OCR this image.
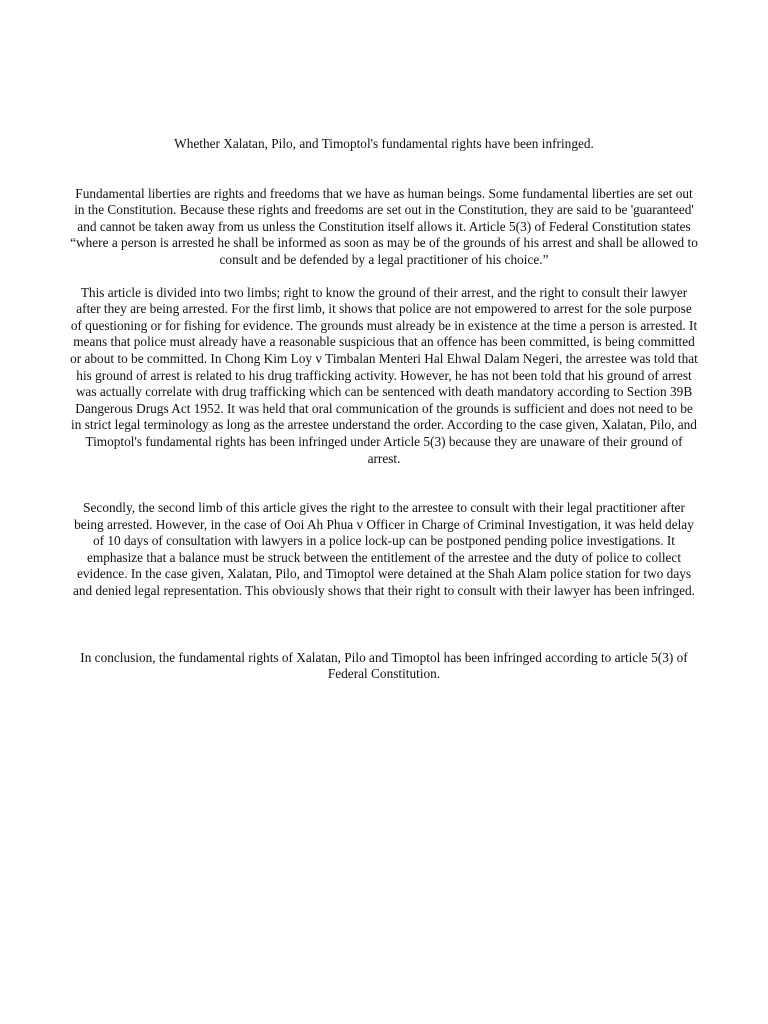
Whether Xalatan, Pilo, and Timoptol's fundamental rights have been infringed.

Fundamental liberties are rights and freedoms that we have as human beings. Some fundamental liberties are set out in the Constitution. Because these rights and freedoms are set out in the Constitution, they are said to be 'guaranteed' and cannot be taken away from us unless the Constitution itself allows it. Article 5(3) of Federal Constitution states “where a person is arrested he shall be informed as soon as may be of the grounds of his arrest and shall be allowed to consult and be defended by a legal practitioner of his choice.”

This article is divided into two limbs; right to know the ground of their arrest, and the right to consult their lawyer after they are being arrested. For the first limb, it shows that police are not empowered to arrest for the sole purpose of questioning or for fishing for evidence. The grounds must already be in existence at the time a person is arrested. It means that police must already have a reasonable suspicious that an offence has been committed, is being committed or about to be committed. In Chong Kim Loy v Timbalan Menteri Hal Ehwal Dalam Negeri, the arrestee was told that his ground of arrest is related to his drug trafficking activity. However, he has not been told that his ground of arrest was actually correlate with drug trafficking which can be sentenced with death mandatory according to Section 39B Dangerous Drugs Act 1952. It was held that oral communication of the grounds is sufficient and does not need to be in strict legal terminology as long as the arrestee understand the order. According to the case given, Xalatan, Pilo, and Timoptol's fundamental rights has been infringed under Article 5(3) because they are unaware of their ground of arrest.

Secondly, the second limb of this article gives the right to the arrestee to consult with their legal practitioner after being arrested. However, in the case of Ooi Ah Phua v Officer in Charge of Criminal Investigation, it was held delay of 10 days of consultation with lawyers in a police lock-up can be postponed pending police investigations. It emphasize that a balance must be struck between the entitlement of the arrestee and the duty of police to collect evidence. In the case given, Xalatan, Pilo, and Timoptol were detained at the Shah Alam police station for two days and denied legal representation. This obviously shows that their right to consult with their lawyer has been infringed.

In conclusion, the fundamental rights of Xalatan, Pilo and Timoptol has been infringed according to article 5(3) of Federal Constitution.
